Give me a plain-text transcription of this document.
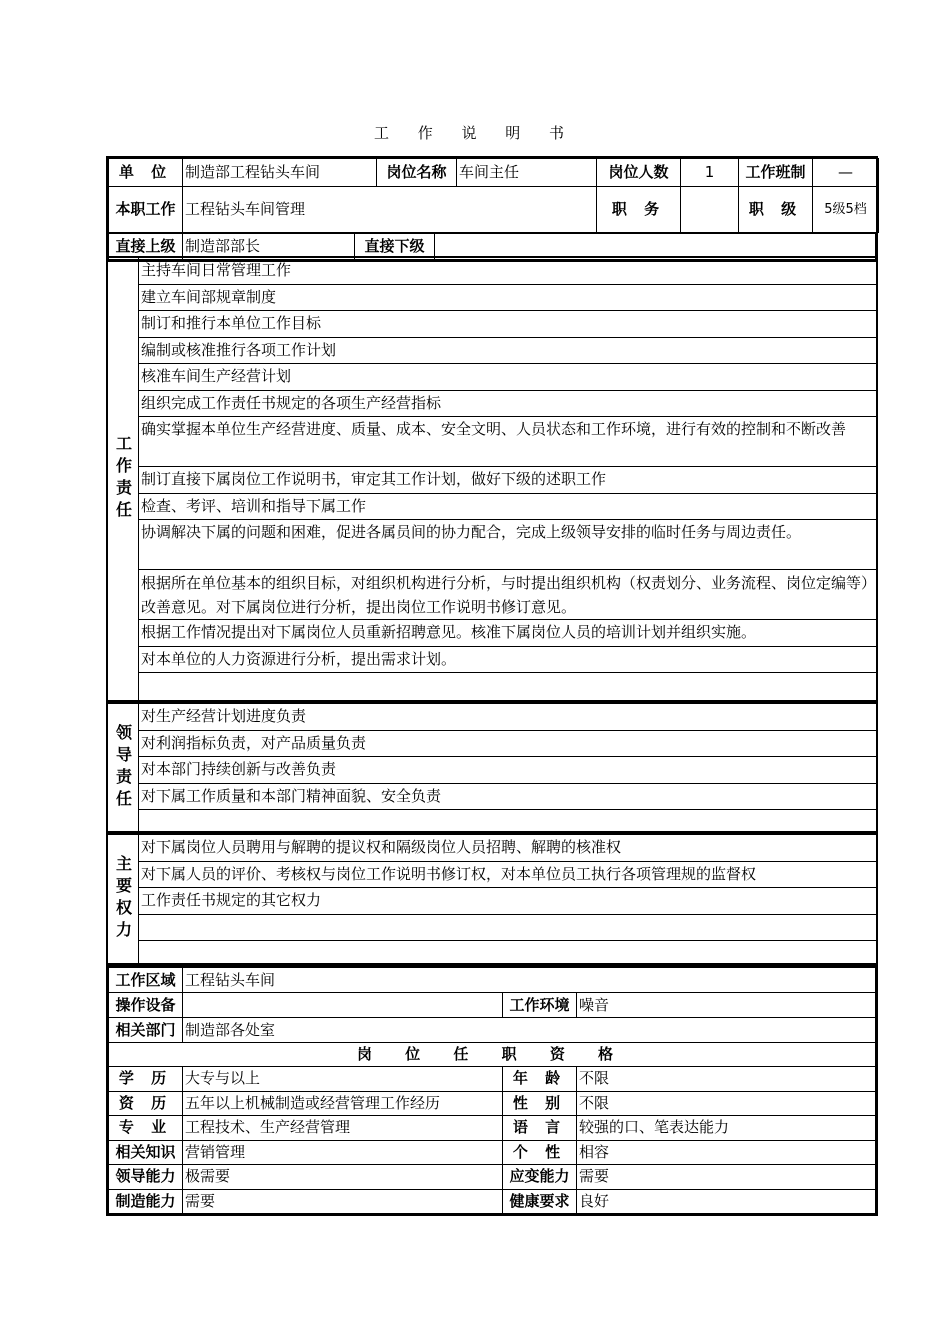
工 作 说 明 书
单 位	制造部工程钻头车间	岗位名称	车间主任	岗位人数	1	工作班制	—
本职工作	工程钻头车间管理			职 务		职 级	5级5档
直接上级	制造部部长	直接下级	
工作责任
主持车间日常管理工作
建立车间部规章制度
制订和推行本单位工作目标
编制或核准推行各项工作计划
核准车间生产经营计划
组织完成工作责任书规定的各项生产经营指标
确实掌握本单位生产经营进度、质量、成本、安全文明、人员状态和工作环境，进行有效的控制和不断改善
制订直接下属岗位工作说明书，审定其工作计划，做好下级的述职工作
检查、考评、培训和指导下属工作
协调解决下属的问题和困难，促进各属员间的协力配合，完成上级领导安排的临时任务与周边责任。
根据所在单位基本的组织目标，对组织机构进行分析，与时提出组织机构（权责划分、业务流程、岗位定编等）改善意见。对下属岗位进行分析，提出岗位工作说明书修订意见。
根据工作情况提出对下属岗位人员重新招聘意见。核准下属岗位人员的培训计划并组织实施。
对本单位的人力资源进行分析，提出需求计划。
领导责任
对生产经营计划进度负责
对利润指标负责，对产品质量负责
对本部门持续创新与改善负责
对下属工作质量和本部门精神面貌、安全负责
主要权力
对下属岗位人员聘用与解聘的提议权和隔级岗位人员招聘、解聘的核准权
对下属人员的评价、考核权与岗位工作说明书修订权，对本单位员工执行各项管理规的监督权
工作责任书规定的其它权力
工作区域	工程钻头车间		
操作设备		工作环境	噪音
相关部门	制造部各处室		
岗 位 任 职 资 格			
学 历	大专与以上	年 龄	不限
资 历	五年以上机械制造或经营管理工作经历	性 别	不限
专 业	工程技术、生产经营管理	语 言	较强的口、笔表达能力
相关知识	营销管理	个 性	相容
领导能力	极需要	应变能力	需要
制造能力	需要	健康要求	良好
